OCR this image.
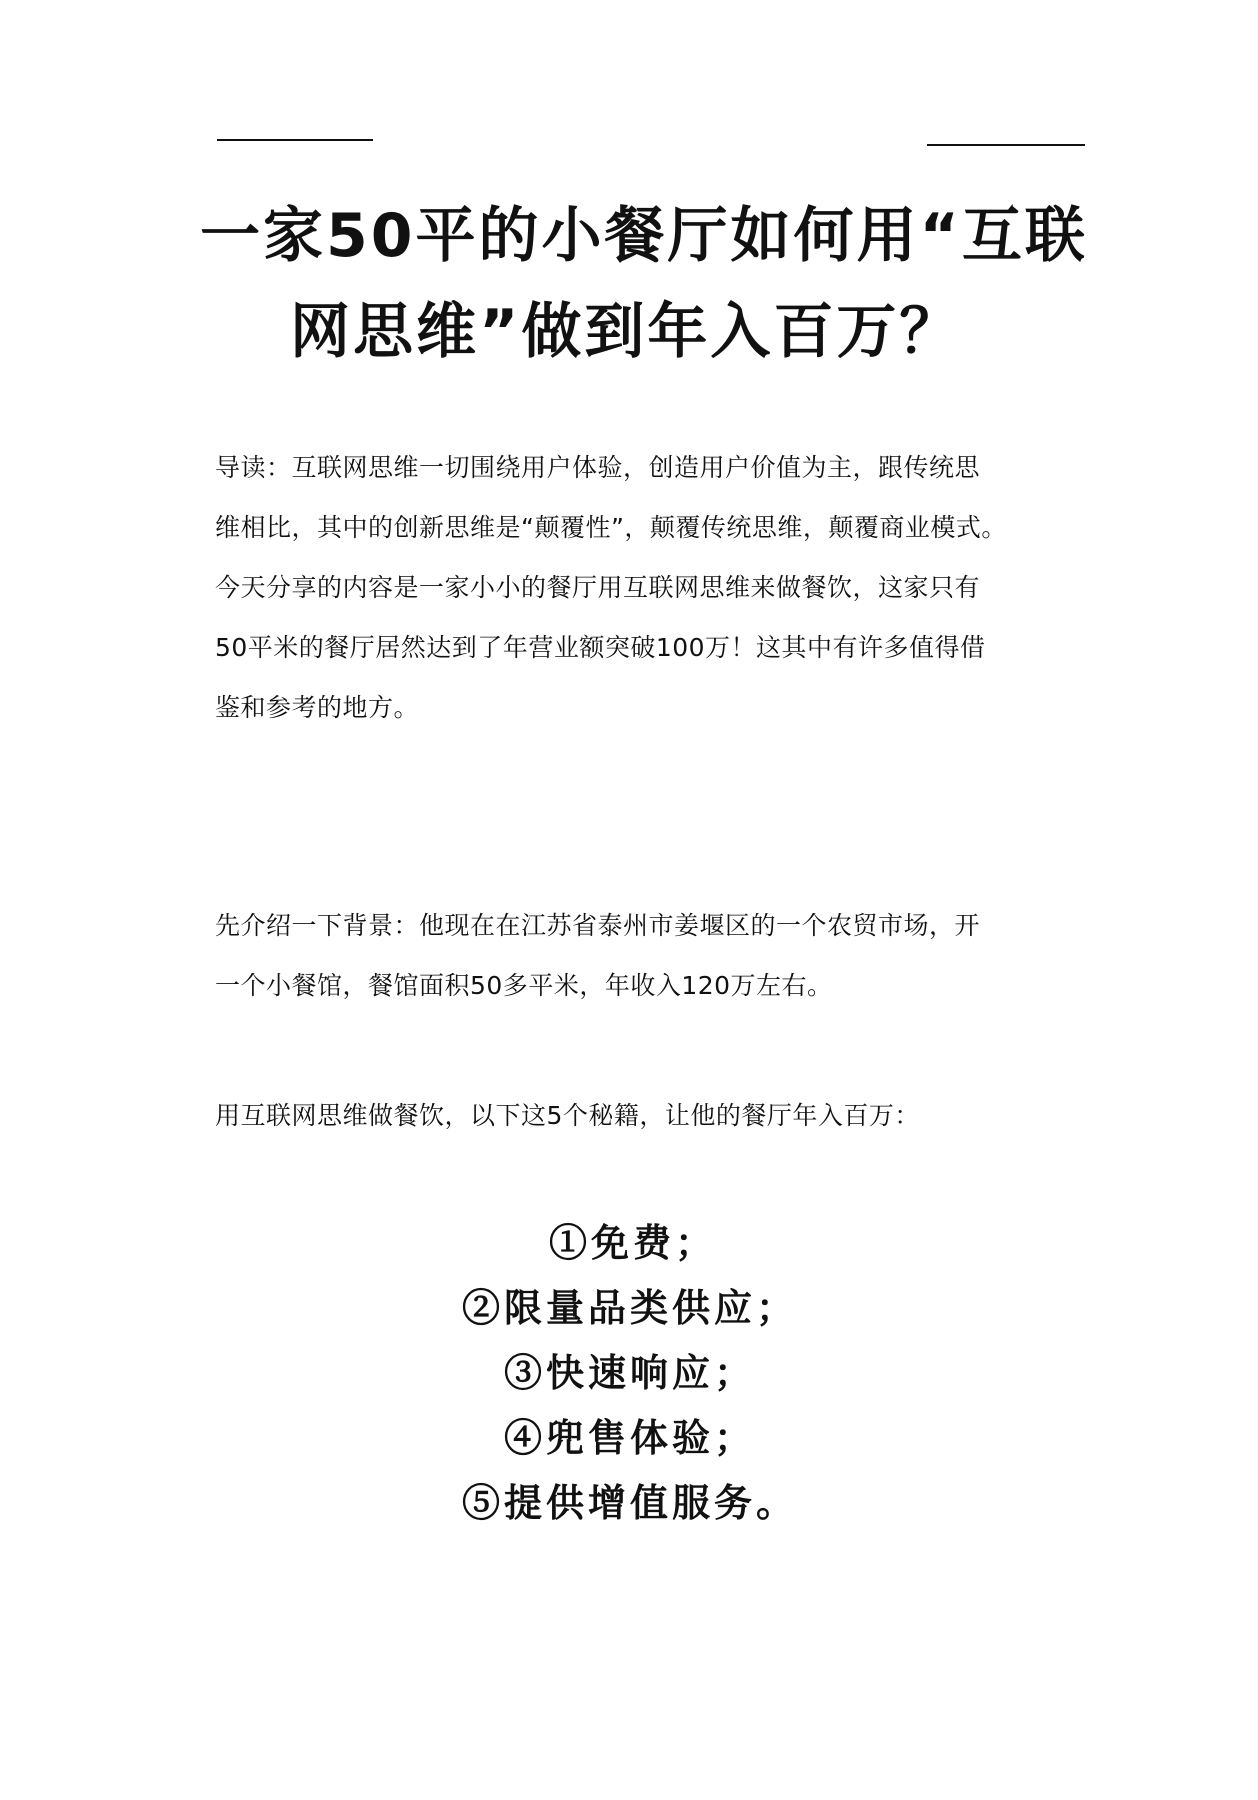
一家50平的小餐厅如何用“互联
网思维”做到年入百万？
导读：互联网思维一切围绕用户体验，创造用户价值为主，跟传统思
维相比，其中的创新思维是“颠覆性”，颠覆传统思维，颠覆商业模式。
今天分享的内容是一家小小的餐厅用互联网思维来做餐饮，这家只有
50平米的餐厅居然达到了年营业额突破100万！这其中有许多值得借
鉴和参考的地方。
先介绍一下背景：他现在在江苏省泰州市姜堰区的一个农贸市场，开
一个小餐馆，餐馆面积50多平米，年收入120万左右。
用互联网思维做餐饮，以下这5个秘籍，让他的餐厅年入百万：
①免费；
②限量品类供应；
③快速响应；
④兜售体验；
⑤提供增值服务。
